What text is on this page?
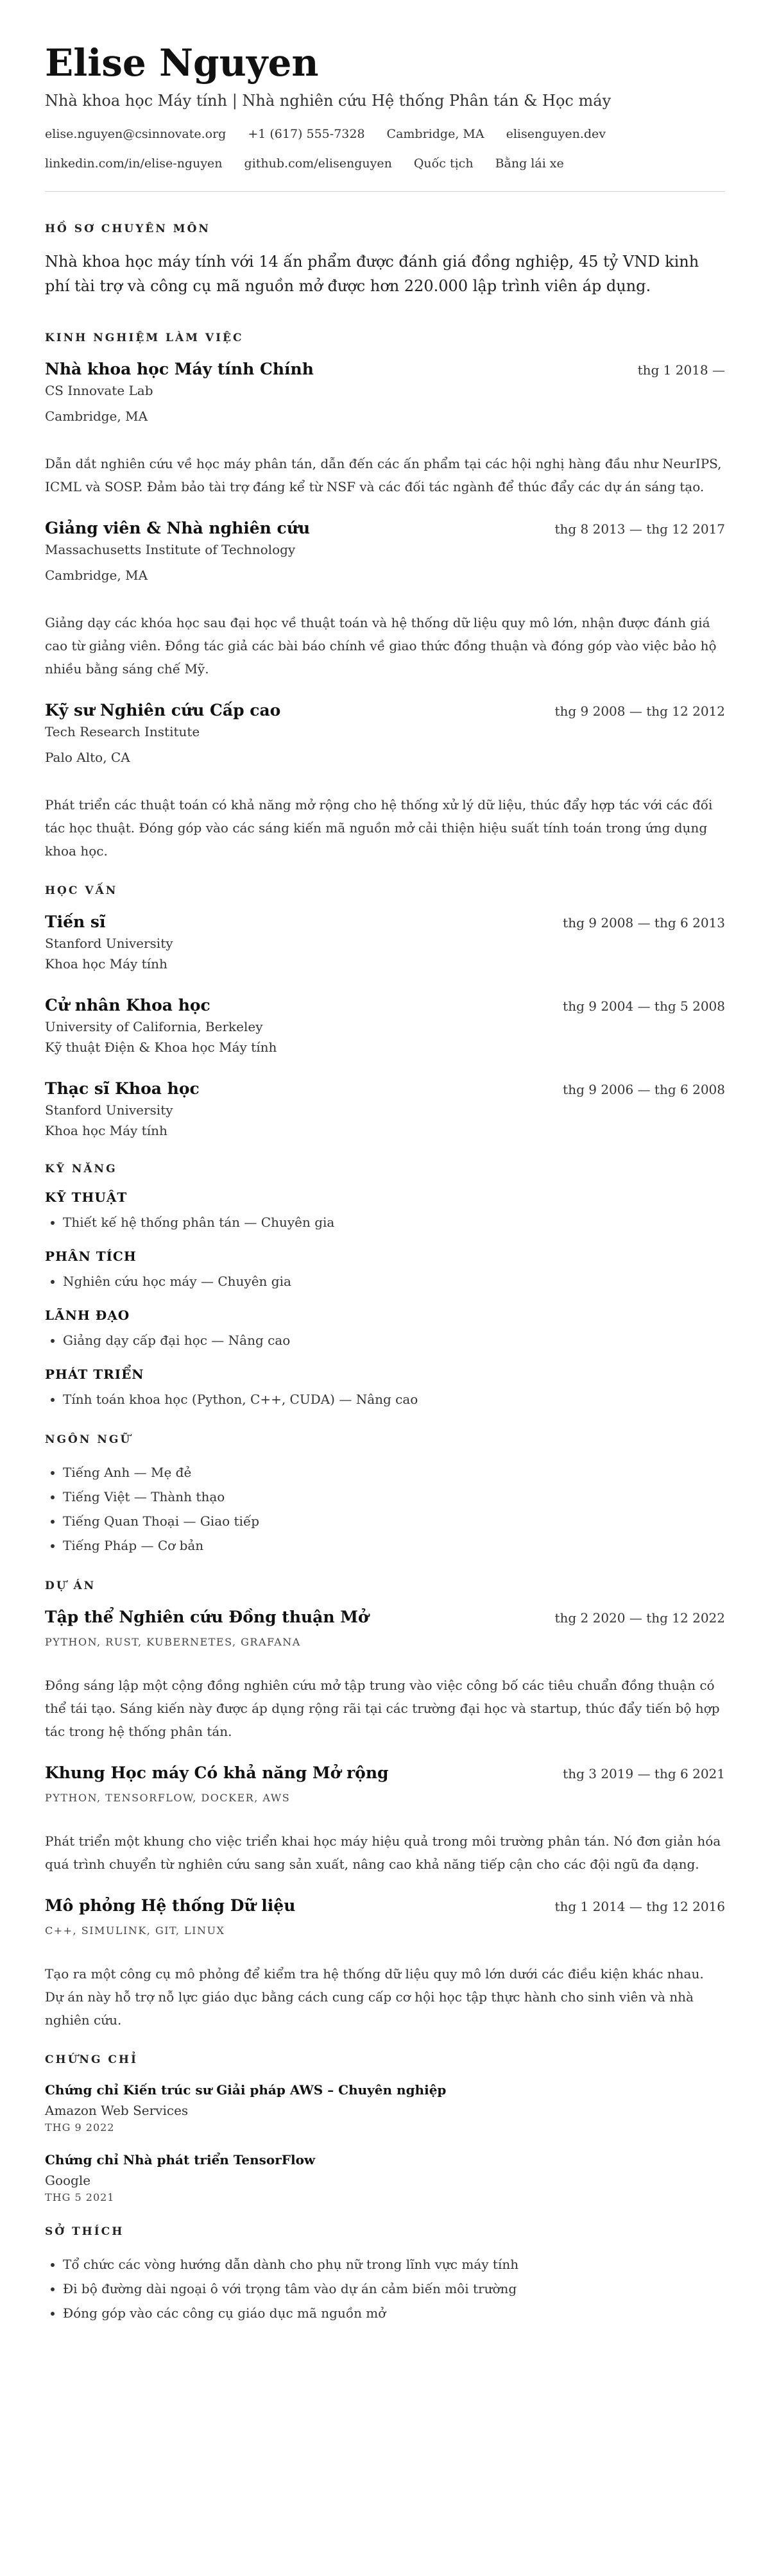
Elise Nguyen
Nhà khoa học Máy tính | Nhà nghiên cứu Hệ thống Phân tán & Học máy
elise.nguyen@csinnovate.org +1 (617) 555-7328 Cambridge, MA elisenguyen.dev
linkedin.com/in/elise-nguyen github.com/elisenguyen Quốc tịch Bằng lái xe
HỒ SƠ CHUYÊN MÔN

Nhà khoa học máy tính với 14 ấn phẩm được đánh giá đồng nghiệp, 45 tỷ VND kinh phí tài trợ và công cụ mã nguồn mở được hơn 220.000 lập trình viên áp dụng.

KINH NGHIỆM LÀM VIỆC
Nhà khoa học Máy tính Chính	thg 1 2018 —
CS Innovate Lab
Cambridge, MA
Dẫn dắt nghiên cứu về học máy phân tán, dẫn đến các ấn phẩm tại các hội nghị hàng đầu như NeurIPS, ICML và SOSP. Đảm bảo tài trợ đáng kể từ NSF và các đối tác ngành để thúc đẩy các dự án sáng tạo.
Giảng viên & Nhà nghiên cứu	thg 8 2013 — thg 12 2017
Massachusetts Institute of Technology
Cambridge, MA
Giảng dạy các khóa học sau đại học về thuật toán và hệ thống dữ liệu quy mô lớn, nhận được đánh giá cao từ giảng viên. Đồng tác giả các bài báo chính về giao thức đồng thuận và đóng góp vào việc bảo hộ nhiều bằng sáng chế Mỹ.
Kỹ sư Nghiên cứu Cấp cao	thg 9 2008 — thg 12 2012
Tech Research Institute
Palo Alto, CA
Phát triển các thuật toán có khả năng mở rộng cho hệ thống xử lý dữ liệu, thúc đẩy hợp tác với các đối tác học thuật. Đóng góp vào các sáng kiến mã nguồn mở cải thiện hiệu suất tính toán trong ứng dụng khoa học.
HỌC VẤN
Tiến sĩ	thg 9 2008 — thg 6 2013
Stanford University
Khoa học Máy tính
Cử nhân Khoa học	thg 9 2004 — thg 5 2008
University of California, Berkeley
Kỹ thuật Điện & Khoa học Máy tính
Thạc sĩ Khoa học	thg 9 2006 — thg 6 2008
Stanford University
Khoa học Máy tính
KỸ NĂNG
KỸ THUẬT
• Thiết kế hệ thống phân tán — Chuyên gia
PHÂN TÍCH
• Nghiên cứu học máy — Chuyên gia
LÃNH ĐẠO
• Giảng dạy cấp đại học — Nâng cao
PHÁT TRIỂN
• Tính toán khoa học (Python, C++, CUDA) — Nâng cao
NGÔN NGỮ
• Tiếng Anh — Mẹ đẻ
• Tiếng Việt — Thành thạo
• Tiếng Quan Thoại — Giao tiếp
• Tiếng Pháp — Cơ bản
DỰ ÁN
Tập thể Nghiên cứu Đồng thuận Mở	thg 2 2020 — thg 12 2022
PYTHON, RUST, KUBERNETES, GRAFANA
Đồng sáng lập một cộng đồng nghiên cứu mở tập trung vào việc công bố các tiêu chuẩn đồng thuận có thể tái tạo. Sáng kiến này được áp dụng rộng rãi tại các trường đại học và startup, thúc đẩy tiến bộ hợp tác trong hệ thống phân tán.
Khung Học máy Có khả năng Mở rộng	thg 3 2019 — thg 6 2021
PYTHON, TENSORFLOW, DOCKER, AWS
Phát triển một khung cho việc triển khai học máy hiệu quả trong môi trường phân tán. Nó đơn giản hóa quá trình chuyển từ nghiên cứu sang sản xuất, nâng cao khả năng tiếp cận cho các đội ngũ đa dạng.
Mô phỏng Hệ thống Dữ liệu	thg 1 2014 — thg 12 2016
C++, SIMULINK, GIT, LINUX
Tạo ra một công cụ mô phỏng để kiểm tra hệ thống dữ liệu quy mô lớn dưới các điều kiện khác nhau. Dự án này hỗ trợ nỗ lực giáo dục bằng cách cung cấp cơ hội học tập thực hành cho sinh viên và nhà nghiên cứu.
CHỨNG CHỈ
Chứng chỉ Kiến trúc sư Giải pháp AWS – Chuyên nghiệp
Amazon Web Services
THG 9 2022
Chứng chỉ Nhà phát triển TensorFlow
Google
THG 5 2021
SỞ THÍCH
• Tổ chức các vòng hướng dẫn dành cho phụ nữ trong lĩnh vực máy tính
• Đi bộ đường dài ngoại ô với trọng tâm vào dự án cảm biến môi trường
• Đóng góp vào các công cụ giáo dục mã nguồn mở
